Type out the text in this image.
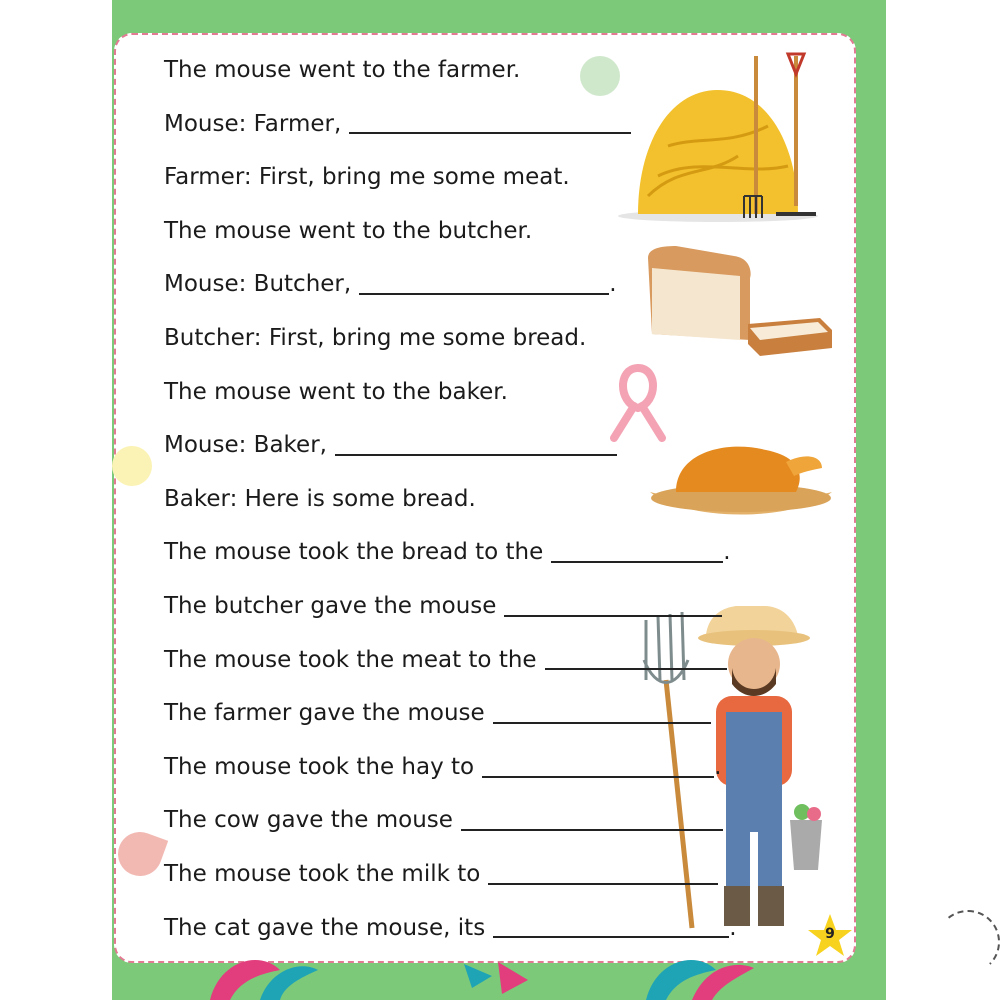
9
The mouse went to the farmer.
Mouse: Farmer,
Farmer: First, bring me some meat.
The mouse went to the butcher.
Mouse: Butcher,	.
Butcher: First, bring me some bread.
The mouse went to the baker.
Mouse: Baker,
Baker: Here is some bread.
The mouse took the bread to the	.
The butcher gave the mouse
The mouse took the meat to the
The farmer gave the mouse
The mouse took the hay to	.
The cow gave the mouse
The mouse took the milk to
The cat gave the mouse, its	.
